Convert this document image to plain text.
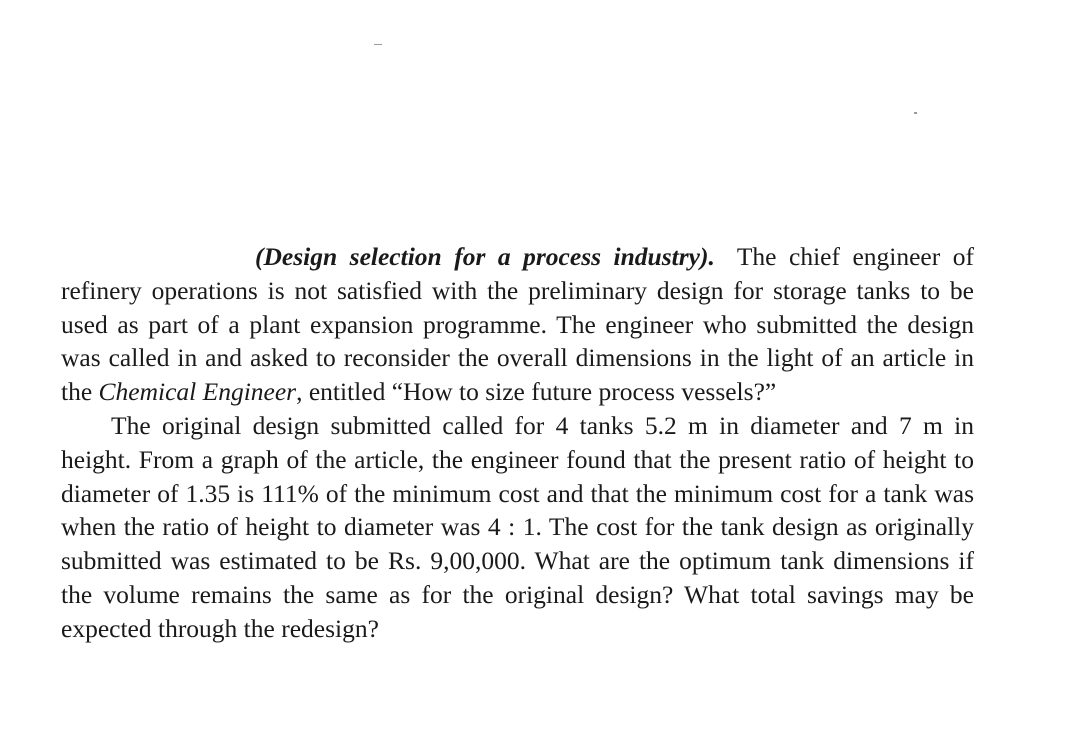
(Design selection for a process industry). The chief engineer of refinery operations is not satisfied with the preliminary design for storage tanks to be used as part of a plant expansion programme. The engineer who submitted the design was called in and asked to reconsider the overall dimensions in the light of an article in the Chemical Engineer, entitled “How to size future process vessels?”

The original design submitted called for 4 tanks 5.2 m in diameter and 7 m in height. From a graph of the article, the engineer found that the present ratio of height to diameter of 1.35 is 111% of the minimum cost and that the minimum cost for a tank was when the ratio of height to diameter was 4 : 1. The cost for the tank design as originally submitted was estimated to be Rs. 9,00,000. What are the optimum tank dimensions if the volume remains the same as for the original design? What total savings may be expected through the redesign?
